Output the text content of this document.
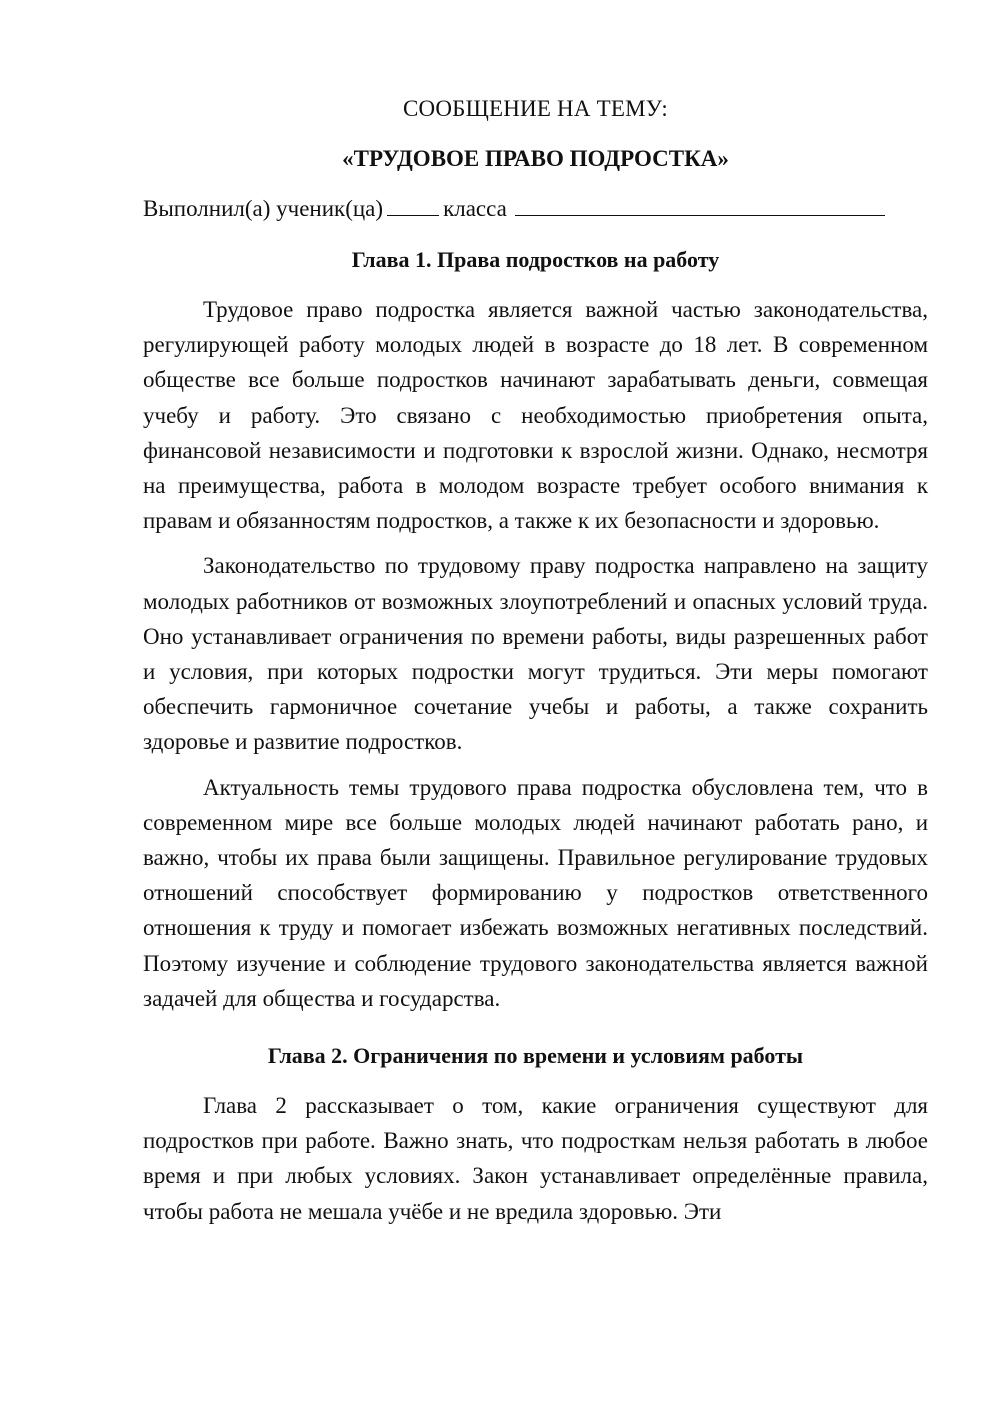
СООБЩЕНИЕ НА ТЕМУ:

«ТРУДОВОЕ ПРАВО ПОДРОСТКА»

Выполнил(а) ученик(ца)	класса

Глава 1. Права подростков на работу

Трудовое право подростка является важной частью законодательства, регулирующей работу молодых людей в возрасте до 18 лет. В современном обществе все больше подростков начинают зарабатывать деньги, совмещая учебу и работу. Это связано с необходимостью приобретения опыта, финансовой независимости и подготовки к взрослой жизни. Однако, несмотря на преимущества, работа в молодом возрасте требует особого внимания к правам и обязанностям подростков, а также к их безопасности и здоровью.

Законодательство по трудовому праву подростка направлено на защиту молодых работников от возможных злоупотреблений и опасных условий труда. Оно устанавливает ограничения по времени работы, виды разрешенных работ и условия, при которых подростки могут трудиться. Эти меры помогают обеспечить гармоничное сочетание учебы и работы, а также сохранить здоровье и развитие подростков.

Актуальность темы трудового права подростка обусловлена тем, что в современном мире все больше молодых людей начинают работать рано, и важно, чтобы их права были защищены. Правильное регулирование трудовых отношений способствует формированию у подростков ответственного отношения к труду и помогает избежать возможных негативных последствий. Поэтому изучение и соблюдение трудового законодательства является важной задачей для общества и государства.

Глава 2. Ограничения по времени и условиям работы

Глава 2 рассказывает о том, какие ограничения существуют для подростков при работе. Важно знать, что подросткам нельзя работать в любое время и при любых условиях. Закон устанавливает определённые правила, чтобы работа не мешала учёбе и не вредила здоровью. Эти
